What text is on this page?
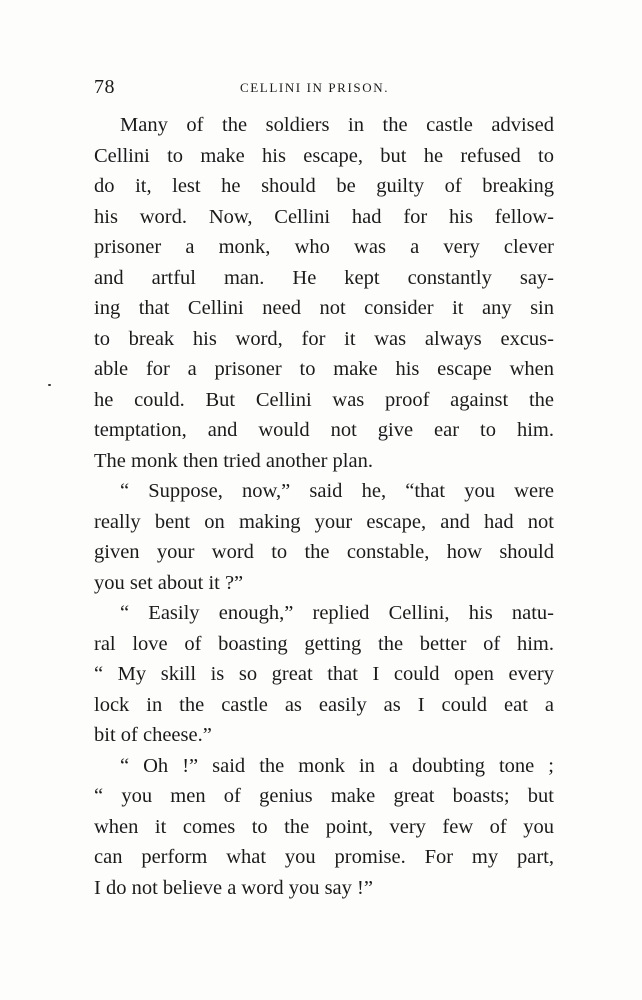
78	CELLINI IN PRISON.
Many of the soldiers in the castle advised
Cellini to make his escape, but he refused to
do it, lest he should be guilty of breaking
his word. Now, Cellini had for his fellow-
prisoner a monk, who was a very clever
and artful man. He kept constantly say-
ing that Cellini need not consider it any sin
to break his word, for it was always excus-
able for a prisoner to make his escape when
he could. But Cellini was proof against the
temptation, and would not give ear to him.
The monk then tried another plan.
“ Suppose, now,” said he, “that you were
really bent on making your escape, and had not
given your word to the constable, how should
you set about it ?”
“ Easily enough,” replied Cellini, his natu-
ral love of boasting getting the better of him.
“ My skill is so great that I could open every
lock in the castle as easily as I could eat a
bit of cheese.”
“ Oh !” said the monk in a doubting tone ;
“ you men of genius make great boasts; but
when it comes to the point, very few of you
can perform what you promise. For my part,
I do not believe a word you say !”
